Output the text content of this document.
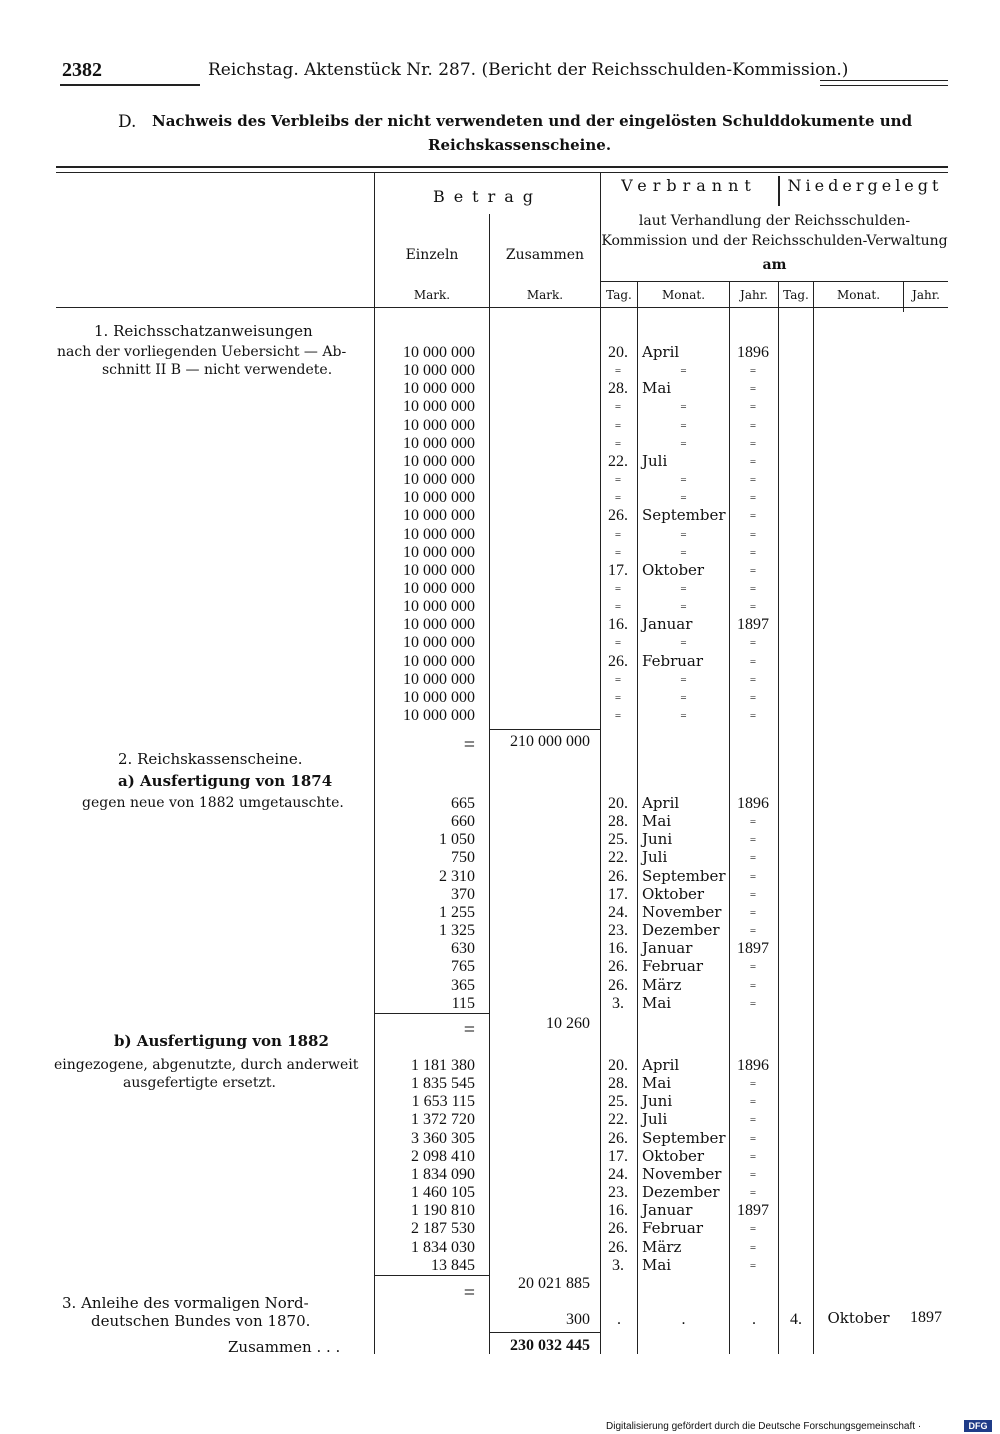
2382	Reichstag. Aktenstück Nr. 287. (Bericht der Reichsschulden-Kommission.)
D. Nachweis des Verbleibs der nicht verwendeten und der eingelösten Schulddokumente und
Reichskassenscheine.
Betrag
Verbrannt	Niedergelegt
laut Verhandlung der Reichsschulden-
Kommission und der Reichsschulden-Verwaltung
am
Einzeln	Zusammen
Mark.	Mark.	Tag.	Monat.	Jahr.	Tag.	Monat.	Jahr.
1. Reichsschatzanweisungen
nach der vorliegenden Uebersicht — Ab-
schnitt II B — nicht verwendete.
10 000 000	20. April	1896
10 000 000	=	=	=
10 000 000	28. Mai	=
10 000 000	=	=	=
10 000 000	=	=	=
10 000 000	=	=	=
10 000 000	22. Juli	=
10 000 000	=	=	=
10 000 000	=	=	=
10 000 000	26. September	=
10 000 000	=	=	=
10 000 000	=	=	=
10 000 000	17. Oktober	=
10 000 000	=	=	=
10 000 000	=	=	=
10 000 000	16. Januar	1897
10 000 000	=	=	=
10 000 000	26. Februar	=
10 000 000	=	=	=
10 000 000	=	=	=
10 000 000	=	=	=
=	210 000 000
2. Reichskassenscheine.
a) Ausfertigung von 1874
gegen neue von 1882 umgetauschte.	665	20. April	1896
660	28. Mai	=
1 050	25. Juni	=
750	22. Juli	=
2 310	26. September	=
370	17. Oktober	=
1 255	24. November	=
1 325	23. Dezember	=
630	16. Januar	1897
765	26. Februar	=
365	26. März	=
115	3.	Mai	=
=	10 260
b) Ausfertigung von 1882
eingezogene, abgenutzte, durch anderweit
ausgefertigte ersetzt.
1 181 380	20. April	1896
1 835 545	28. Mai	=
1 653 115	25. Juni	=
1 372 720	22. Juli	=
3 360 305	26. September	=
2 098 410	17. Oktober	=
1 834 090	24. November	=
1 460 105	23. Dezember	=
1 190 810	16. Januar	1897
2 187 530	26. Februar	=
1 834 030	26. März	=
13 845	3.	Mai	=
=	20 021 885
3. Anleihe des vormaligen Nord-
deutschen Bundes von 1870.	300	.	.	.	4.	Oktober	1897
Zusammen . . .	230 032 445
Digitalisierung gefördert durch die Deutsche Forschungsgemeinschaft ·	DFG
